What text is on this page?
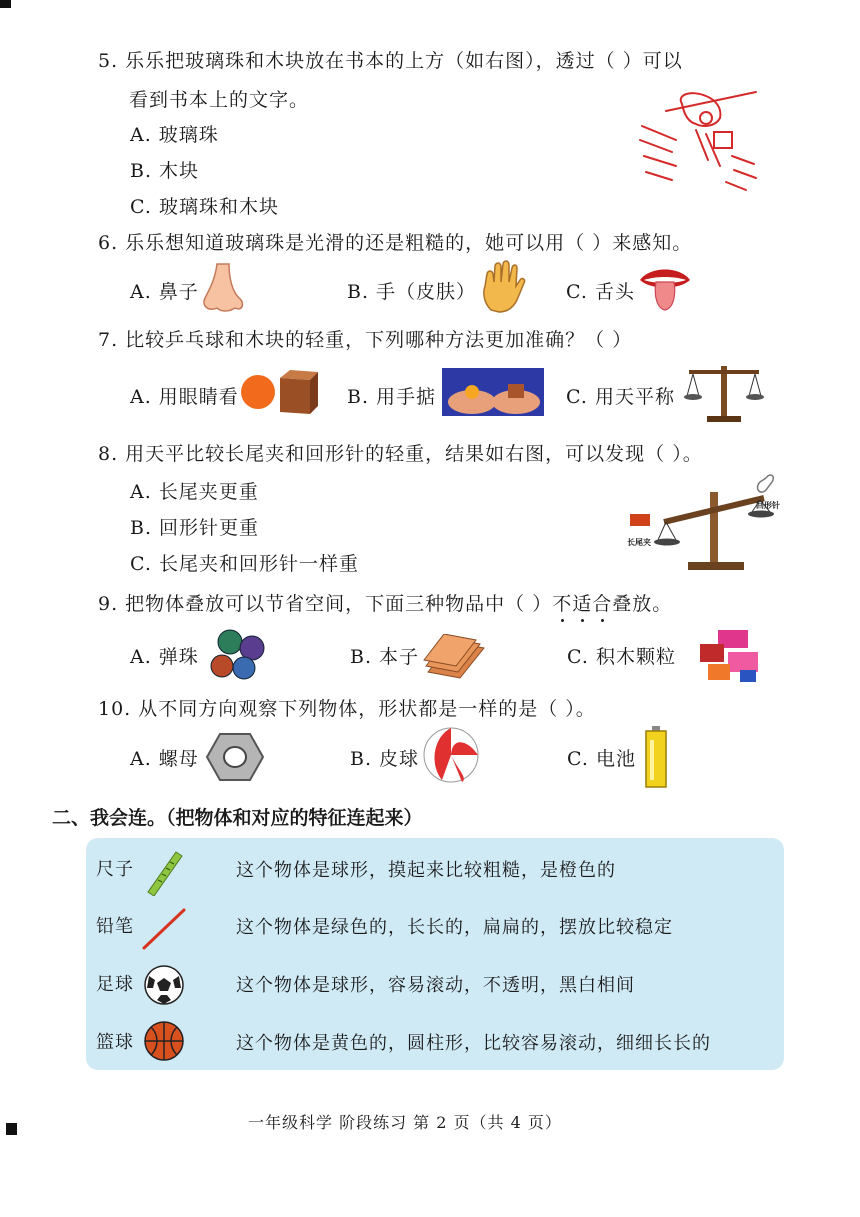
5. 乐乐把玻璃珠和木块放在书本的上方（如右图），透过（ ）可以
看到书本上的文字。
A. 玻璃珠
B. 木块
C. 玻璃珠和木块
6. 乐乐想知道玻璃珠是光滑的还是粗糙的，她可以用（ ）来感知。
A. 鼻子	B. 手（皮肤）	C. 舌头
7. 比较乒乓球和木块的轻重，下列哪种方法更加准确？（ ）
A. 用眼睛看	B. 用手掂	C. 用天平称
8. 用天平比较长尾夹和回形针的轻重，结果如右图，可以发现（ ）。
A. 长尾夹更重
B. 回形针更重
C. 长尾夹和回形针一样重
长尾夹
回形针
9. 把物体叠放可以节省空间，下面三种物品中（ ）不适合叠放。
A. 弹珠	B. 本子	C. 积木颗粒
10. 从不同方向观察下列物体，形状都是一样的是（ ）。
A. 螺母	B. 皮球	C. 电池
二、我会连。（把物体和对应的特征连起来）
尺子	这个物体是球形，摸起来比较粗糙，是橙色的
铅笔	这个物体是绿色的，长长的，扁扁的，摆放比较稳定
足球	这个物体是球形，容易滚动，不透明，黑白相间
篮球	这个物体是黄色的，圆柱形，比较容易滚动，细细长长的
一年级科学 阶段练习 第 2 页（共 4 页）
